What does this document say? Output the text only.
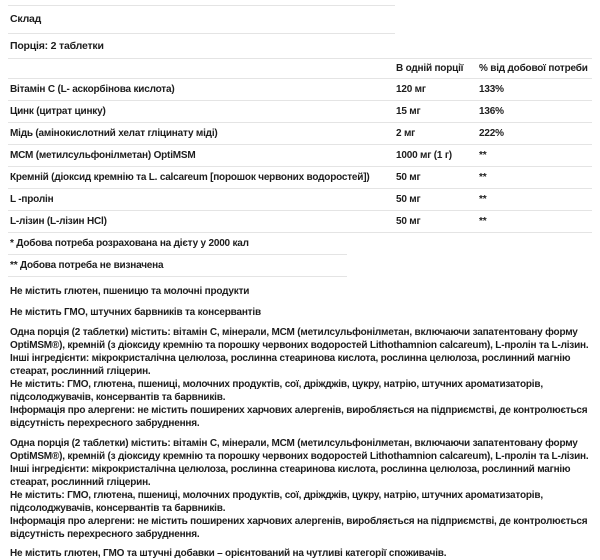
Склад
Порція: 2 таблетки
В одній порції	% від добової потреби
Вітамін C (L- аскорбінова кислота)	120 мг	133%
Цинк (цитрат цинку)	15 мг	136%
Мідь (амінокислотний хелат гліцинату міді)	2 мг	222%
МСМ (метилсульфонілметан) OptiMSM	1000 мг (1 г)	**
Кремній (діоксид кремнію та L. calcareum [порошок червоних водоростей])	50 мг	**
L -пролін	50 мг	**
L-лізин (L-лізин HCl)	50 мг	**
* Добова потреба розрахована на дієту у 2000 кал
** Добова потреба не визначена

Не містить глютен, пшеницю та молочні продукти

Не містить ГМО, штучних барвників та консервантів

Одна порція (2 таблетки) містить: вітамін C, мінерали, МСМ (метилсульфонілметан, включаючи запатентовану форму OptiMSM®), кремній (з діоксиду кремнію та порошку червоних водоростей Lithothamnion calcareum), L-пролін та L-лізин.
Інші інгредієнти: мікрокристалічна целюлоза, рослинна стеаринова кислота, рослинна целюлоза, рослинний магнію стеарат, рослинний гліцерин.
Не містить: ГМО, глютена, пшениці, молочних продуктів, сої, дріжджів, цукру, натрію, штучних ароматизаторів, підсолоджувачів, консервантів та барвників.
Інформація про алергени: не містить поширених харчових алергенів, виробляється на підприємстві, де контролюється відсутність перехресного забруднення.
Одна порція (2 таблетки) містить: вітамін C, мінерали, МСМ (метилсульфонілметан, включаючи запатентовану форму OptiMSM®), кремній (з діоксиду кремнію та порошку червоних водоростей Lithothamnion calcareum), L-пролін та L-лізин.
Інші інгредієнти: мікрокристалічна целюлоза, рослинна стеаринова кислота, рослинна целюлоза, рослинний магнію стеарат, рослинний гліцерин.
Не містить: ГМО, глютена, пшениці, молочних продуктів, сої, дріжджів, цукру, натрію, штучних ароматизаторів, підсолоджувачів, консервантів та барвників.
Інформація про алергени: не містить поширених харчових алергенів, виробляється на підприємстві, де контролюється відсутність перехресного забруднення.

Не містить глютен, ГМО та штучні добавки – орієнтований на чутливі категорії споживачів.
